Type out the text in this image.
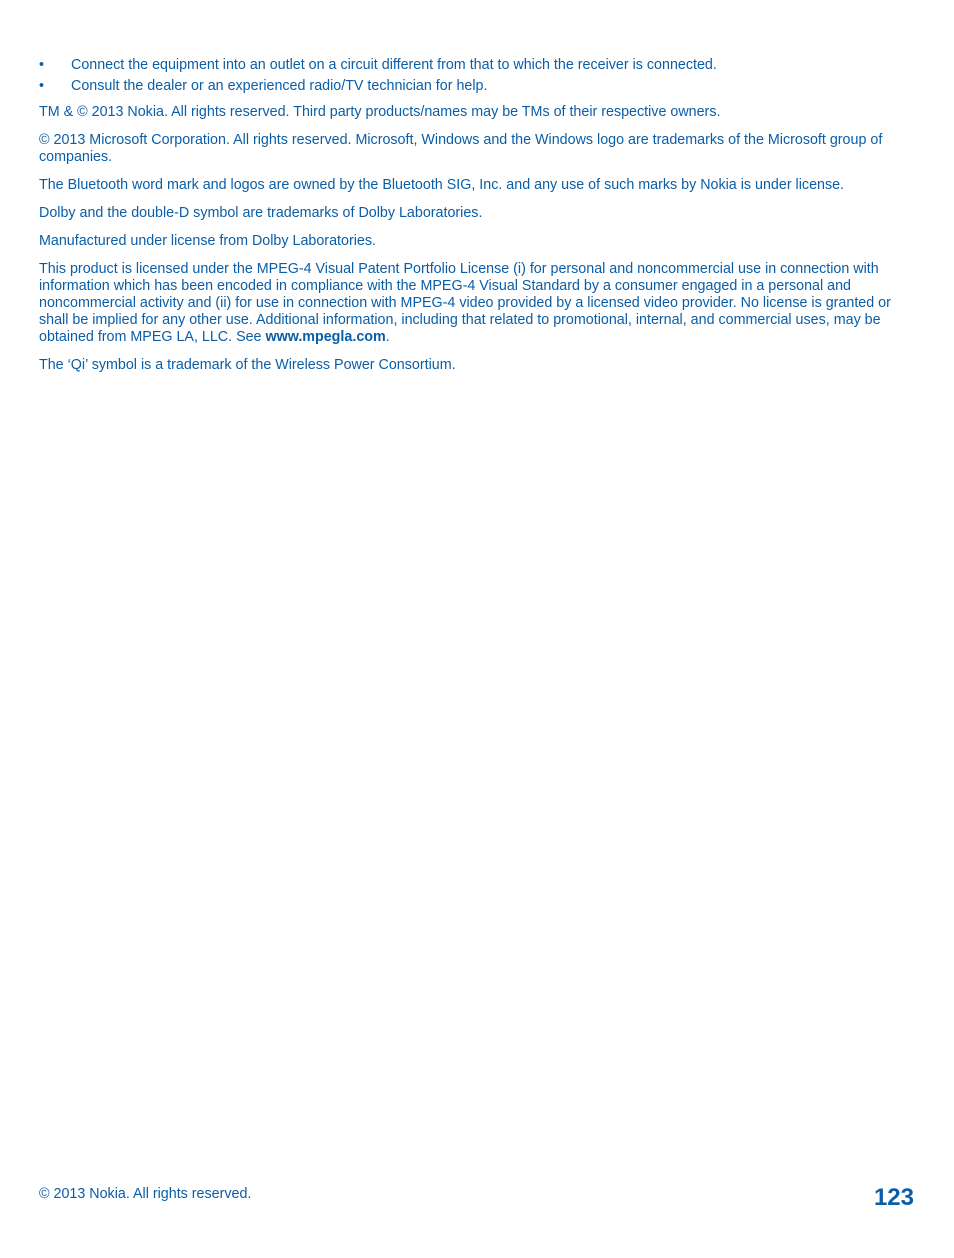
• Connect the equipment into an outlet on a circuit different from that to which the receiver is connected.
• Consult the dealer or an experienced radio/TV technician for help.

TM & © 2013 Nokia. All rights reserved. Third party products/names may be TMs of their respective owners.

© 2013 Microsoft Corporation. All rights reserved. Microsoft, Windows and the Windows logo are trademarks of the Microsoft group of companies.

The Bluetooth word mark and logos are owned by the Bluetooth SIG, Inc. and any use of such marks by Nokia is under license.

Dolby and the double-D symbol are trademarks of Dolby Laboratories.

Manufactured under license from Dolby Laboratories.

This product is licensed under the MPEG-4 Visual Patent Portfolio License (i) for personal and noncommercial use in connection with information which has been encoded in compliance with the MPEG-4 Visual Standard by a consumer engaged in a personal and noncommercial activity and (ii) for use in connection with MPEG-4 video provided by a licensed video provider. No license is granted or shall be implied for any other use. Additional information, including that related to promotional, internal, and commercial uses, may be obtained from MPEG LA, LLC. See www.mpegla.com.

The ‘Qi’ symbol is a trademark of the Wireless Power Consortium.

© 2013 Nokia. All rights reserved.	123
